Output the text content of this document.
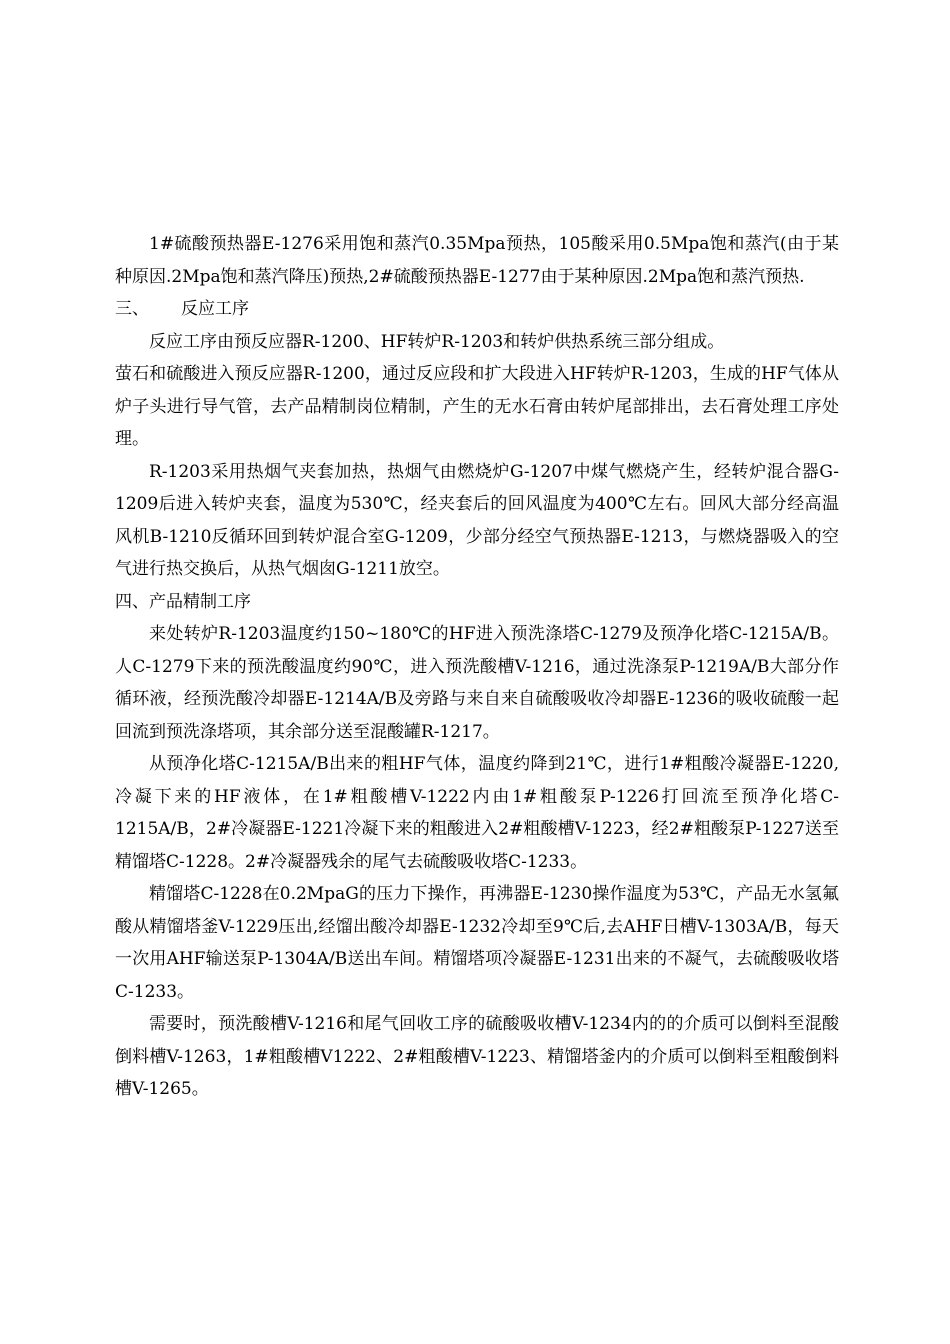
1#硫酸预热器E-1276采用饱和蒸汽0.35Mpa预热，105酸采用0.5Mpa饱和蒸汽(由于某种原因.2Mpa饱和蒸汽降压)预热,2#硫酸预热器E-1277由于某种原因.2Mpa饱和蒸汽预热.

三、 反应工序

反应工序由预反应器R-1200、HF转炉R-1203和转炉供热系统三部分组成。

萤石和硫酸进入预反应器R-1200，通过反应段和扩大段进入HF转炉R-1203，生成的HF气体从炉子头进行导气管，去产品精制岗位精制，产生的无水石膏由转炉尾部排出，去石膏处理工序处理。

R-1203采用热烟气夹套加热，热烟气由燃烧炉G-1207中煤气燃烧产生，经转炉混合器G-1209后进入转炉夹套，温度为530℃，经夹套后的回风温度为400℃左右。回风大部分经高温风机B-1210反循环回到转炉混合室G-1209，少部分经空气预热器E-1213，与燃烧器吸入的空气进行热交换后，从热气烟囱G-1211放空。

四、产品精制工序

来处转炉R-1203温度约150~180℃的HF进入预洗涤塔C-1279及预净化塔C-1215A/B。人C-1279下来的预洗酸温度约90℃，进入预洗酸槽V-1216，通过洗涤泵P-1219A/B大部分作循环液，经预洗酸冷却器E-1214A/B及旁路与来自来自硫酸吸收冷却器E-1236的吸收硫酸一起回流到预洗涤塔项，其余部分送至混酸罐R-1217。

从预净化塔C-1215A/B出来的粗HF气体，温度约降到21℃，进行1#粗酸冷凝器E-1220,冷凝下来的HF液体，在1#粗酸槽V-1222内由1#粗酸泵P-1226打回流至预净化塔C-1215A/B，2#冷凝器E-1221冷凝下来的粗酸进入2#粗酸槽V-1223，经2#粗酸泵P-1227送至精馏塔C-1228。2#冷凝器残余的尾气去硫酸吸收塔C-1233。

精馏塔C-1228在0.2MpaG的压力下操作，再沸器E-1230操作温度为53℃，产品无水氢氟酸从精馏塔釜V-1229压出,经馏出酸冷却器E-1232冷却至9℃后,去AHF日槽V-1303A/B，每天一次用AHF输送泵P-1304A/B送出车间。精馏塔项冷凝器E-1231出来的不凝气，去硫酸吸收塔C-1233。

需要时，预洗酸槽V-1216和尾气回收工序的硫酸吸收槽V-1234内的的介质可以倒料至混酸倒料槽V-1263，1#粗酸槽V1222、2#粗酸槽V-1223、精馏塔釜内的介质可以倒料至粗酸倒料槽V-1265。
